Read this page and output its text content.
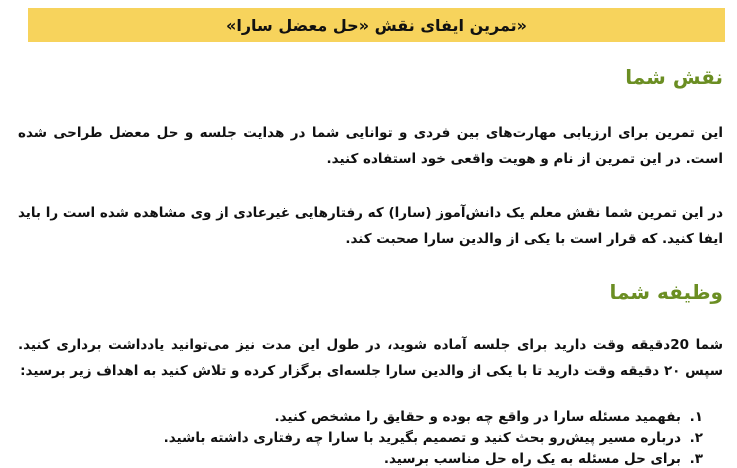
«تمرین ایفای نقش «حل معضل سارا»
نقش شما

این تمرین برای ارزیابی مهارت‌های بین فردی و توانایی شما در هدایت جلسه و حل معضل طراحی شده است. در این تمرین از نام و هویت واقعی خود استفاده کنید.

در این تمرین شما نقش معلم یک دانش‌آموز (سارا) که رفتارهایی غیرعادی از وی مشاهده شده است را باید ایفا کنید. که قرار است با یکی از والدین سارا صحبت کند.

وظیفه شما

شما 20دقیقه وقت دارید برای جلسه آماده شوید، در طول این مدت نیز می‌توانید یادداشت برداری کنید. سپس ۲۰ دقیقه وقت دارید تا با یکی از والدین سارا جلسه‌ای برگزار کرده و تلاش کنید به اهداف زیر برسید:

۱.
بفهمید مسئله سارا در واقع چه بوده و حقایق را مشخص کنید.
۲.
درباره مسیر پیش‌رو بحث کنید و تصمیم بگیرید با سارا چه رفتاری داشته باشید.
۳.
برای حل مسئله به یک راه حل مناسب برسید.
